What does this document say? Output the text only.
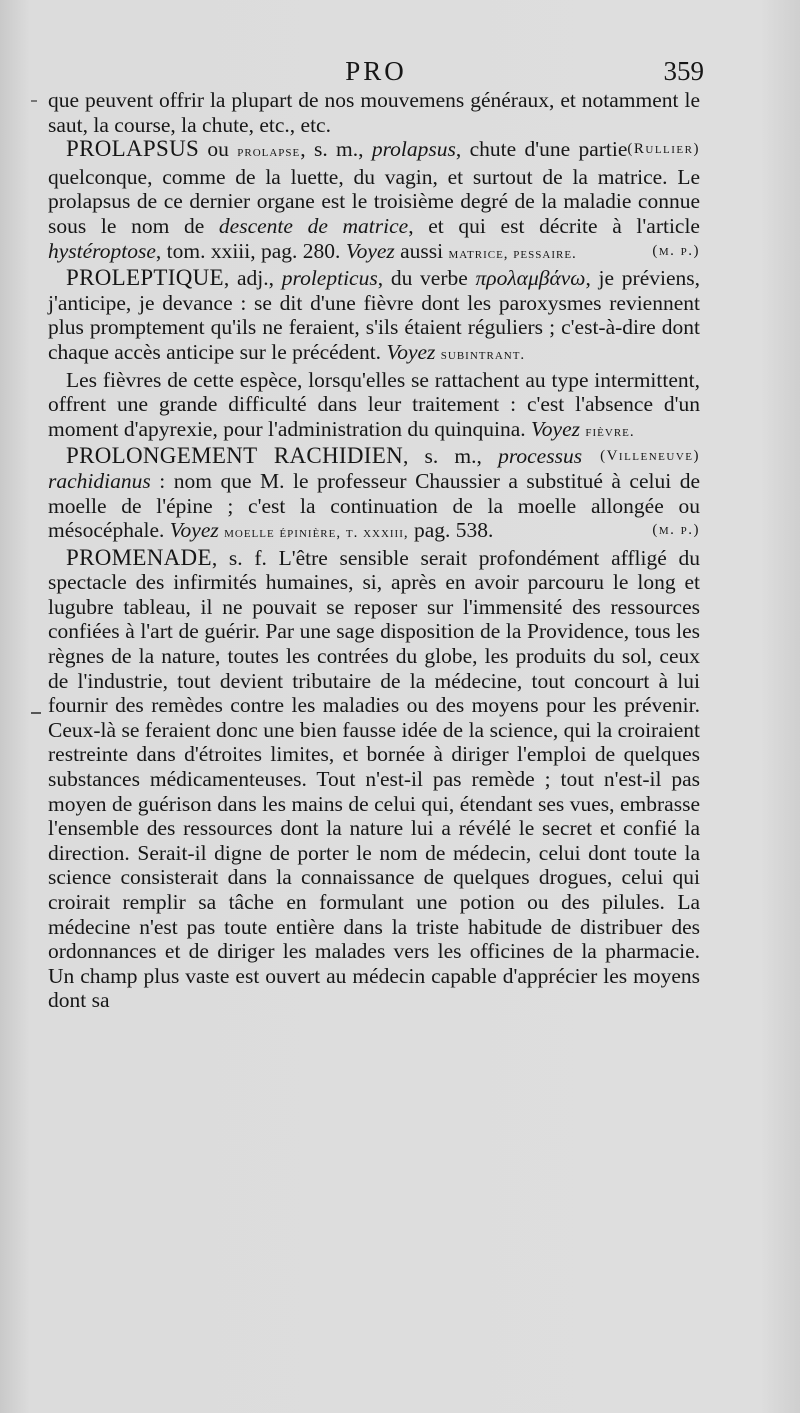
PRO	359

que peuvent offrir la plupart de nos mouvemens généraux, et notamment le saut, la course, la chute, etc., etc.

(Rullier)

PROLAPSUS ou prolapse, s. m., prolapsus, chute d'une partie quelconque, comme de la luette, du vagin, et surtout de la matrice. Le prolapsus de ce dernier organe est le troisième degré de la maladie connue sous le nom de descente de matrice, et qui est décrite à l'article hystéroptose, tom. xxiii, pag. 280. Voyez aussi matrice, pessaire.	(m. p.)

PROLEPTIQUE, adj., prolepticus, du verbe προλαμβάνω, je préviens, j'anticipe, je devance : se dit d'une fièvre dont les paroxysmes reviennent plus promptement qu'ils ne feraient, s'ils étaient réguliers ; c'est-à-dire dont chaque accès anticipe sur le précédent. Voyez subintrant.

Les fièvres de cette espèce, lorsqu'elles se rattachent au type intermittent, offrent une grande difficulté dans leur traitement : c'est l'absence d'un moment d'apyrexie, pour l'administration du quinquina. Voyez fièvre.
(Villeneuve)

PROLONGEMENT RACHIDIEN, s. m., processus rachidianus : nom que M. le professeur Chaussier a substitué à celui de moelle de l'épine ; c'est la continuation de la moelle allongée ou mésocéphale. Voyez moelle épinière, t. xxxiii, pag. 538.	(m. p.)

PROMENADE, s. f. L'être sensible serait profondément affligé du spectacle des infirmités humaines, si, après en avoir parcouru le long et lugubre tableau, il ne pouvait se reposer sur l'immensité des ressources confiées à l'art de guérir. Par une sage disposition de la Providence, tous les règnes de la nature, toutes les contrées du globe, les produits du sol, ceux de l'industrie, tout devient tributaire de la médecine, tout concourt à lui fournir des remèdes contre les maladies ou des moyens pour les prévenir. Ceux-là se feraient donc une bien fausse idée de la science, qui la croiraient restreinte dans d'étroites limites, et bornée à diriger l'emploi de quelques substances médicamenteuses. Tout n'est-il pas remède ; tout n'est-il pas moyen de guérison dans les mains de celui qui, étendant ses vues, embrasse l'ensemble des ressources dont la nature lui a révélé le secret et confié la direction. Serait-il digne de porter le nom de médecin, celui dont toute la science consisterait dans la connaissance de quelques drogues, celui qui croirait remplir sa tâche en formulant une potion ou des pilules. La médecine n'est pas toute entière dans la triste habitude de distribuer des ordonnances et de diriger les malades vers les officines de la pharmacie. Un champ plus vaste est ouvert au médecin capable d'apprécier les moyens dont sa
